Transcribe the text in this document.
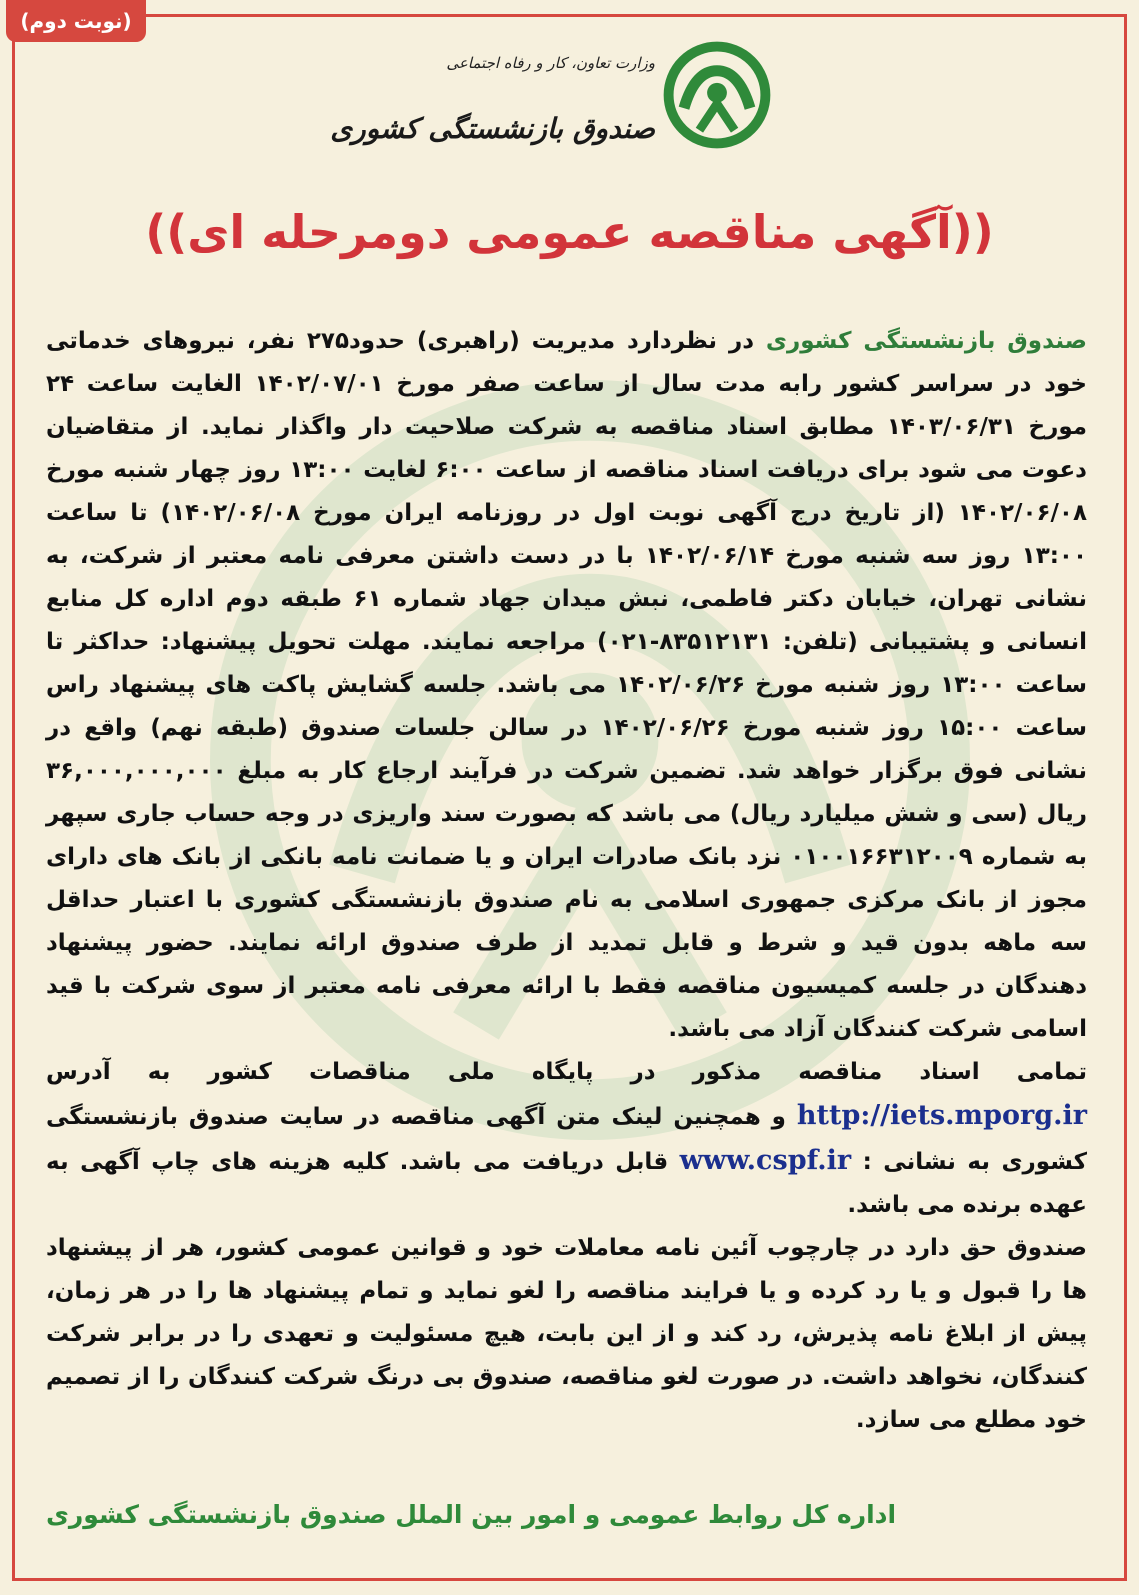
(نوبت دوم)
وزارت تعاون، کار و رفاه اجتماعی
صندوق بازنشستگی کشوری
((آگهی مناقصه عمومی دومرحله ای))

صندوق بازنشستگی کشوری در نظردارد مدیریت (راهبری) حدود۲۷۵ نفر، نیروهای خدماتی خود در سراسر کشور رابه مدت سال از ساعت صفر مورخ ۱۴۰۲/۰۷/۰۱ الغایت ساعت ۲۴ مورخ ۱۴۰۳/۰۶/۳۱ مطابق اسناد مناقصه به شرکت صلاحیت دار واگذار نماید. از متقاضیان دعوت می شود برای دریافت اسناد مناقصه از ساعت ۶:۰۰ لغایت ۱۳:۰۰ روز چهار شنبه مورخ ۱۴۰۲/۰۶/۰۸ (از تاریخ درج آگهی نوبت اول در روزنامه ایران مورخ ۱۴۰۲/۰۶/۰۸) تا ساعت ۱۳:۰۰ روز سه شنبه مورخ ۱۴۰۲/۰۶/۱۴ با در دست داشتن معرفی نامه معتبر از شرکت، به نشانی تهران، خیابان دکتر فاطمی، نبش میدان جهاد شماره ۶۱ طبقه دوم اداره کل منابع انسانی و پشتیبانی (تلفن: ۸۳۵۱۲۱۳۱-۰۲۱) مراجعه نمایند. مهلت تحویل پیشنهاد: حداکثر تا ساعت ۱۳:۰۰ روز شنبه مورخ ۱۴۰۲/۰۶/۲۶ می باشد. جلسه گشایش پاکت های پیشنهاد راس ساعت ۱۵:۰۰ روز شنبه مورخ ۱۴۰۲/۰۶/۲۶ در سالن جلسات صندوق (طبقه نهم) واقع در نشانی فوق برگزار خواهد شد. تضمین شرکت در فرآیند ارجاع کار به مبلغ ۳۶,۰۰۰,۰۰۰,۰۰۰ ریال (سی و شش میلیارد ریال) می باشد که بصورت سند واریزی در وجه حساب جاری سپهر به شماره ۰۱۰۰۱۶۶۳۱۲۰۰۹ نزد بانک صادرات ایران و یا ضمانت نامه بانکی از بانک های دارای مجوز از بانک مرکزی جمهوری اسلامی به نام صندوق بازنشستگی کشوری با اعتبار حداقل سه ماهه بدون قید و شرط و قابل تمدید از طرف صندوق ارائه نمایند. حضور پیشنهاد دهندگان در جلسه کمیسیون مناقصه فقط با ارائه معرفی نامه معتبر از سوی شرکت با قید اسامی شرکت کنندگان آزاد می باشد.

تمامی اسناد مناقصه مذکور در پایگاه ملی مناقصات کشور به آدرس http://iets.mporg.ir و همچنین لینک متن آگهی مناقصه در سایت صندوق بازنشستگی کشوری به نشانی : www.cspf.ir قابل دریافت می باشد. کلیه هزینه های چاپ آگهی به عهده برنده می باشد.

صندوق حق دارد در چارچوب آئین نامه معاملات خود و قوانین عمومی کشور، هر از پیشنهاد ها را قبول و یا رد کرده و یا فرایند مناقصه را لغو نماید و تمام پیشنهاد ها را در هر زمان، پیش از ابلاغ نامه پذیرش، رد کند و از این بابت، هیچ مسئولیت و تعهدی را در برابر شرکت کنندگان، نخواهد داشت. در صورت لغو مناقصه، صندوق بی درنگ شرکت کنندگان را از تصمیم خود مطلع می سازد.

اداره کل روابط عمومی و امور بین الملل صندوق بازنشستگی کشوری
